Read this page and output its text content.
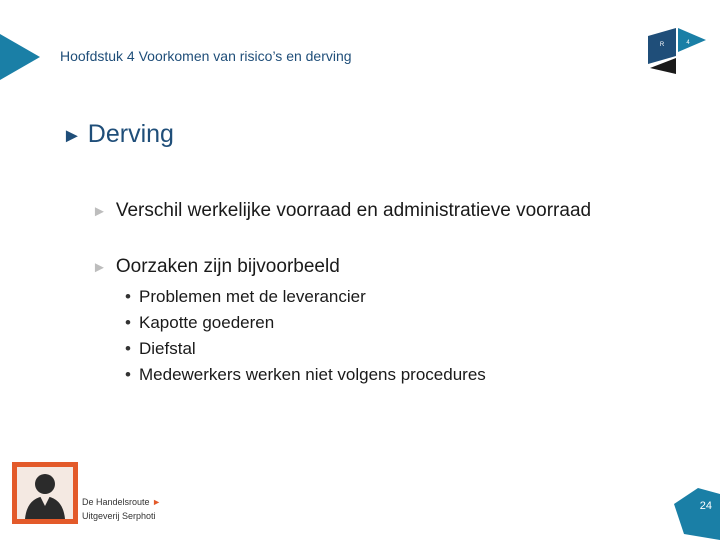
Hoofdstuk 4 Voorkomen van risico’s en derving
R	4
► Derving
► Verschil werkelijke voorraad en administratieve voorraad
► Oorzaken zijn bijvoorbeeld
• Problemen met de leverancier
• Kapotte goederen
• Diefstal
• Medewerkers werken niet volgens procedures
De Handelsroute ►
Uitgeverij Serphoti
24
